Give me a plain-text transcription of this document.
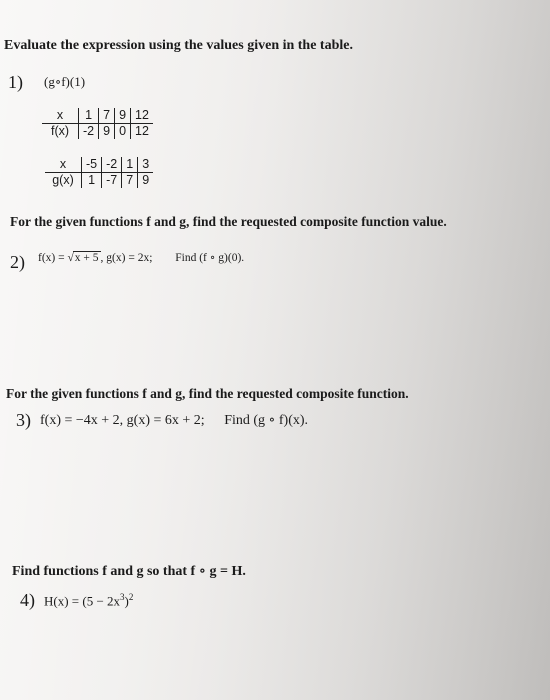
Evaluate the expression using the values given in the table.
1) (g∘f)(1)
x	1	7	9	12
f(x)	-2	9	0	12
x	-5	-2	1	3
g(x)	1	-7	7	9
For the given functions f and g, find the requested composite function value.
2) f(x) = √x + 5 , g(x) = 2x; Find (f ∘ g)(0).
For the given functions f and g, find the requested composite function.
3) f(x) = −4x + 2, g(x) = 6x + 2; Find (g ∘ f)(x).
Find functions f and g so that f ∘ g = H.
4) $H(x) = (5 - 2x^3)^2$
